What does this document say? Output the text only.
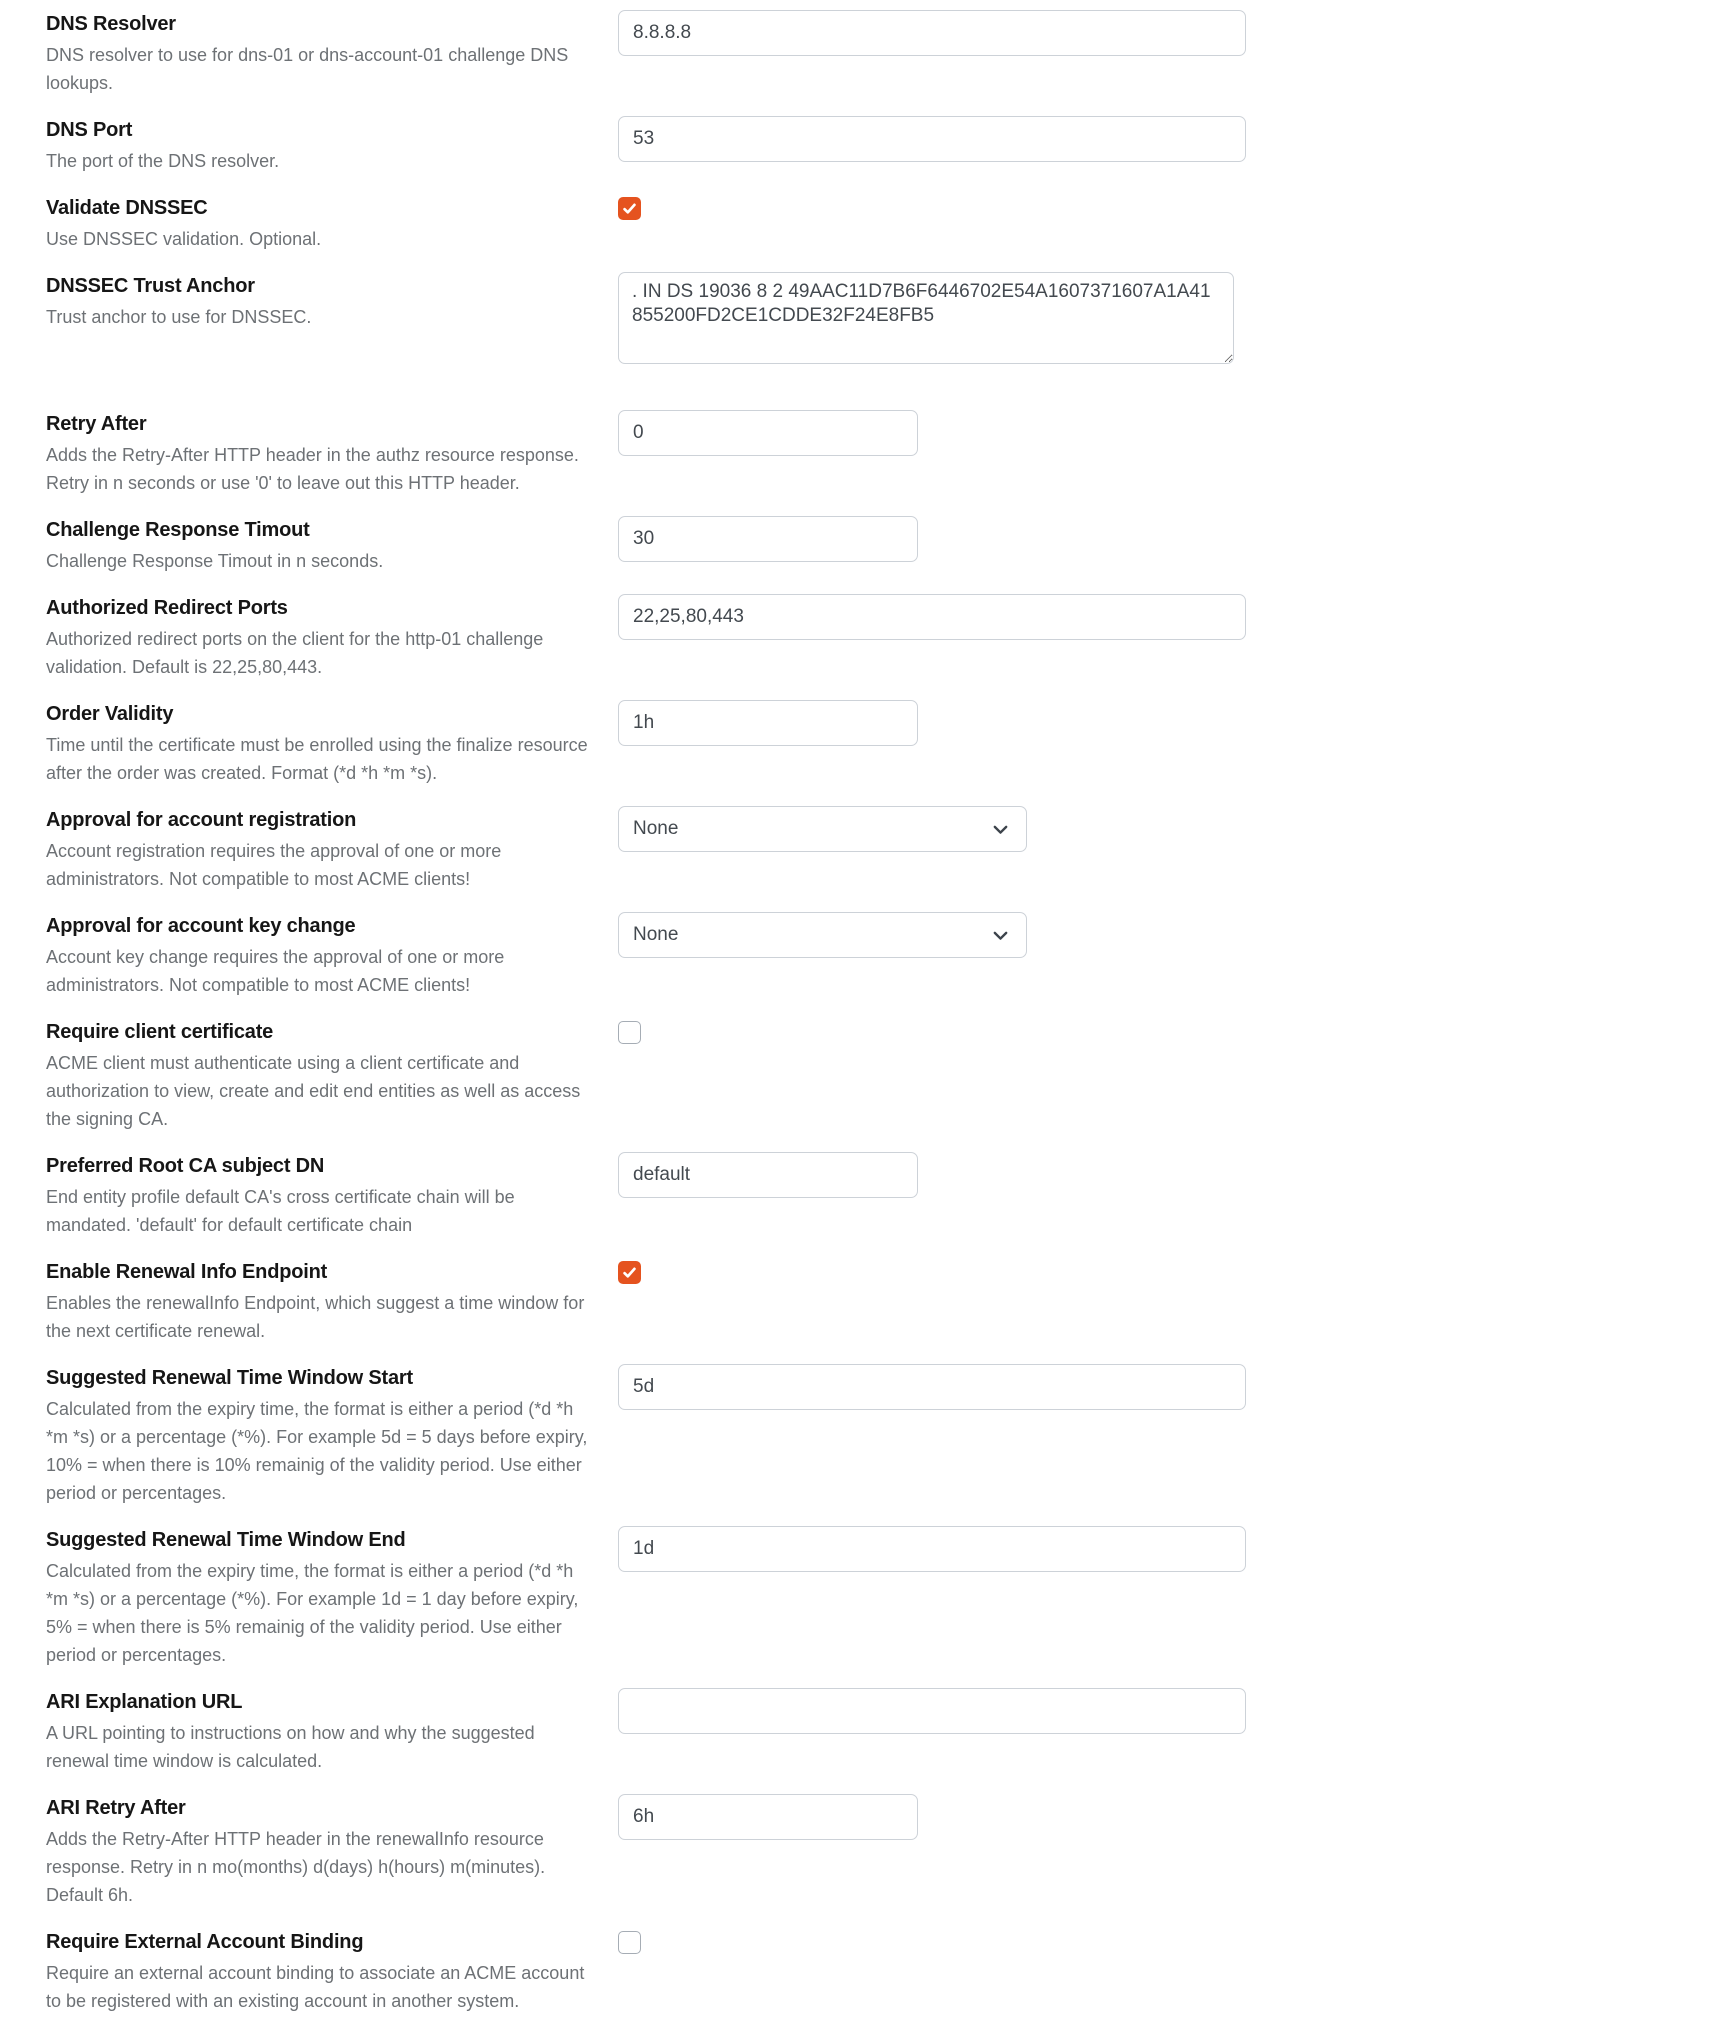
DNS Resolver
DNS resolver to use for dns-01 or dns-account-01 challenge DNS lookups.
8.8.8.8
DNS Port
The port of the DNS resolver.
53
Validate DNSSEC
Use DNSSEC validation. Optional.
DNSSEC Trust Anchor
Trust anchor to use for DNSSEC.
. IN DS 19036 8 2 49AAC11D7B6F6446702E54A1607371607A1A41855200FD2CE1CDDE32F24E8FB5
Retry After
Adds the Retry-After HTTP header in the authz resource response. Retry in n seconds or use '0' to leave out this HTTP header.
0
Challenge Response Timout
Challenge Response Timout in n seconds.
30
Authorized Redirect Ports
Authorized redirect ports on the client for the http-01 challenge validation. Default is 22,25,80,443.
22,25,80,443
Order Validity
Time until the certificate must be enrolled using the finalize resource after the order was created. Format (*d *h *m *s).
1h
Approval for account registration
Account registration requires the approval of one or more administrators. Not compatible to most ACME clients!
None
Approval for account key change
Account key change requires the approval of one or more administrators. Not compatible to most ACME clients!
None
Require client certificate
ACME client must authenticate using a client certificate and authorization to view, create and edit end entities as well as access the signing CA.
Preferred Root CA subject DN
End entity profile default CA's cross certificate chain will be mandated. 'default' for default certificate chain
default
Enable Renewal Info Endpoint
Enables the renewalInfo Endpoint, which suggest a time window for the next certificate renewal.
Suggested Renewal Time Window Start
Calculated from the expiry time, the format is either a period (*d *h *m *s) or a percentage (*%). For example 5d = 5 days before expiry, 10% = when there is 10% remainig of the validity period. Use either period or percentages.
5d
Suggested Renewal Time Window End
Calculated from the expiry time, the format is either a period (*d *h *m *s) or a percentage (*%). For example 1d = 1 day before expiry, 5% = when there is 5% remainig of the validity period. Use either period or percentages.
1d
ARI Explanation URL
A URL pointing to instructions on how and why the suggested renewal time window is calculated.
ARI Retry After
Adds the Retry-After HTTP header in the renewalInfo resource response. Retry in n mo(months) d(days) h(hours) m(minutes). Default 6h.
6h
Require External Account Binding
Require an external account binding to associate an ACME account to be registered with an existing account in another system.
